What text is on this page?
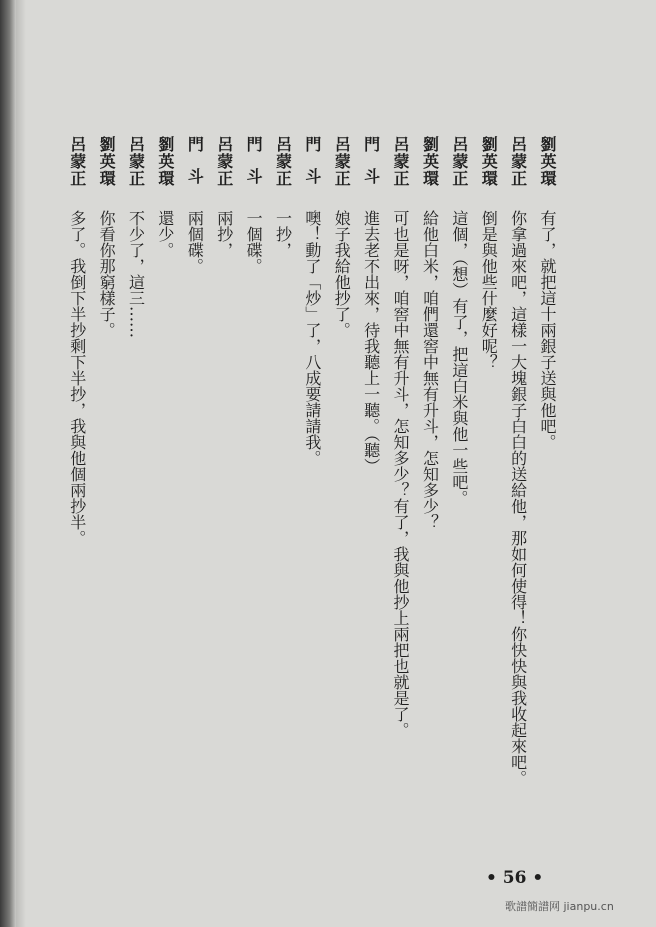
劉英環
有了，就把這十兩銀子送與他吧。
呂蒙正
你拿過來吧，這樣一大塊銀子白白的送給他，那如何使得！你快快與我收起來吧。
劉英環
倒是與他些什麼好呢？
呂蒙正
這個，（想）有了，把這白米與他一些吧。
劉英環
給他白米，咱們還窖中無有升斗，怎知多少？
呂蒙正
可也是呀，咱窖中無有升斗，怎知多少？有了，我與他抄上兩把也就是了。
門斗
進去老不出來，待我聽上一聽。（聽）
呂蒙正
娘子我給他抄了。
門斗
噢！動了「炒」了，八成要請請我。
呂蒙正
一抄，
門斗
一個碟。
呂蒙正
兩抄，
門斗
兩個碟。
劉英環
還少。
呂蒙正
不少了，這三……
劉英環
你看你那窮樣子。
呂蒙正
多了。我倒下半抄剩下半抄，我與他個兩抄半。
• 56 •
歌譜簡譜网 jianpu.cn
